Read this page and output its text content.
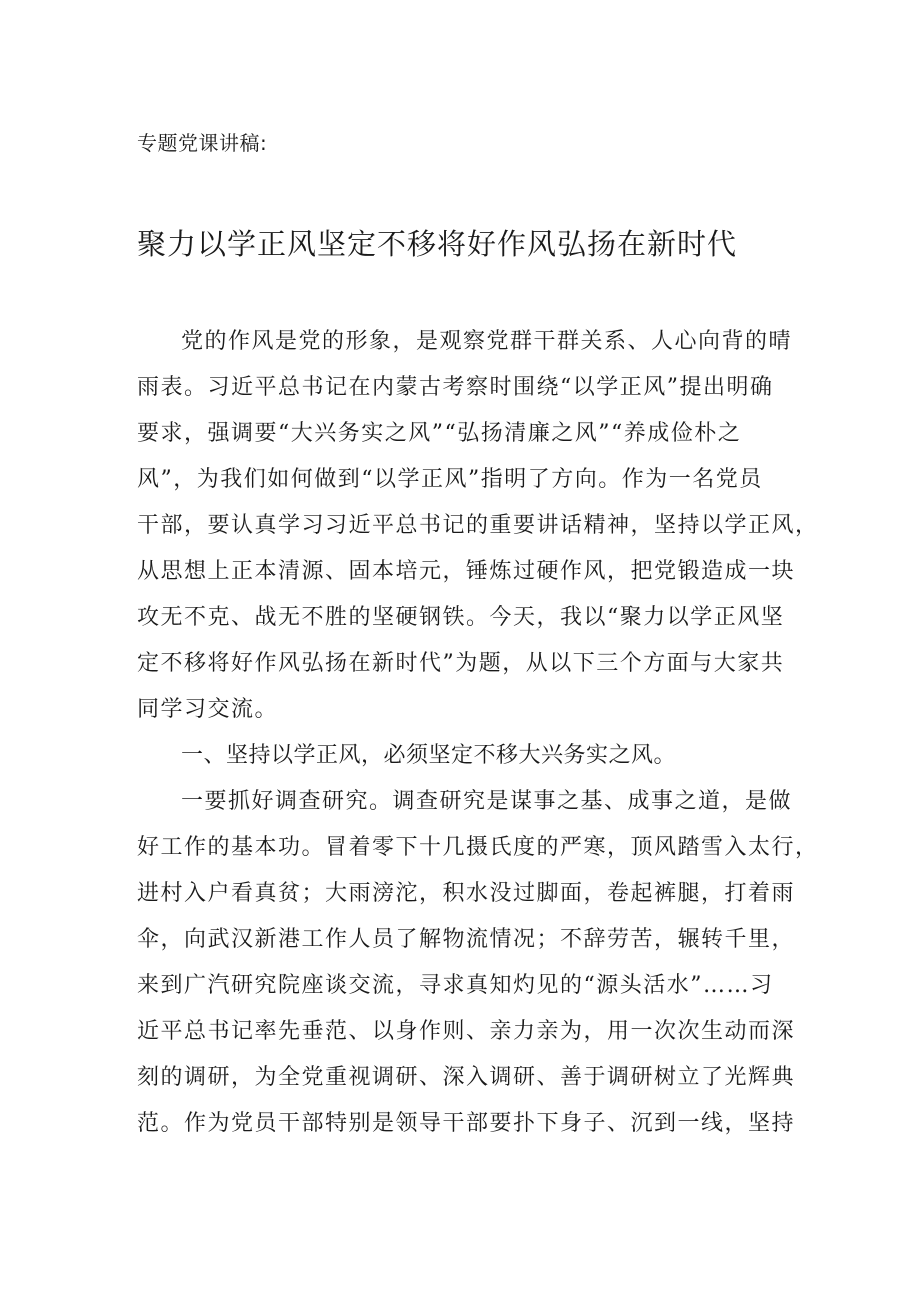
专题党课讲稿:
聚力以学正风坚定不移将好作风弘扬在新时代
党的作风是党的形象，是观察党群干群关系、人心向背的晴
雨表。习近平总书记在内蒙古考察时围绕“以学正风”提出明确
要求，强调要“大兴务实之风”“弘扬清廉之风”“养成俭朴之
风”，为我们如何做到“以学正风”指明了方向。作为一名党员
干部，要认真学习习近平总书记的重要讲话精神，坚持以学正风，
从思想上正本清源、固本培元，锤炼过硬作风，把党锻造成一块
攻无不克、战无不胜的坚硬钢铁。今天，我以“聚力以学正风坚
定不移将好作风弘扬在新时代”为题，从以下三个方面与大家共
同学习交流。
一、坚持以学正风，必须坚定不移大兴务实之风。
一要抓好调查研究。调查研究是谋事之基、成事之道，是做
好工作的基本功。冒着零下十几摄氏度的严寒，顶风踏雪入太行，
进村入户看真贫；大雨滂沱，积水没过脚面，卷起裤腿，打着雨
伞，向武汉新港工作人员了解物流情况；不辞劳苦，辗转千里，
来到广汽研究院座谈交流，寻求真知灼见的“源头活水”……习
近平总书记率先垂范、以身作则、亲力亲为，用一次次生动而深
刻的调研，为全党重视调研、深入调研、善于调研树立了光辉典
范。作为党员干部特别是领导干部要扑下身子、沉到一线，坚持
